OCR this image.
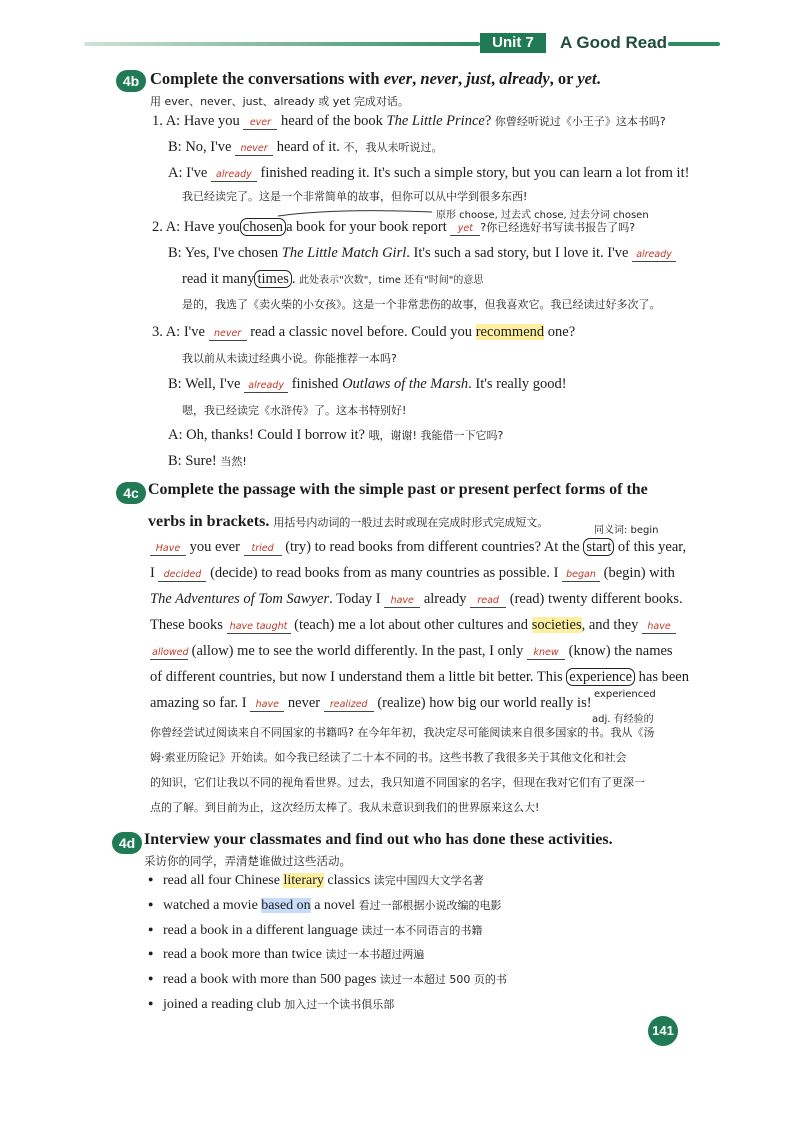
Unit 7	A Good Read
4b Complete the conversations with ever, never, just, already, or yet.
用 ever、never、just、already 或 yet 完成对话。
1. A: Have you ever heard of the book The Little Prince? 你曾经听说过《小王子》这本书吗?
B: No, I've never heard of it. 不，我从未听说过。
A: I've already finished reading it. It's such a simple story, but you can learn a lot from it!
我已经读完了。这是一个非常简单的故事，但你可以从中学到很多东西!
原形 choose, 过去式 chose, 过去分词 chosen
2. A: Have you chosen a book for your book report yet ?你已经选好书写读书报告了吗?
B: Yes, I've chosen The Little Match Girl. It's such a sad story, but I love it. I've already
read it many times . 此处表示"次数"，time 还有"时间"的意思
是的，我选了《卖火柴的小女孩》。这是一个非常悲伤的故事，但我喜欢它。我已经读过好多次了。
3. A: I've never read a classic novel before. Could you recommend one?
我以前从未读过经典小说。你能推荐一本吗?
B: Well, I've already finished Outlaws of the Marsh. It's really good!
嗯，我已经读完《水浒传》了。这本书特别好!
A: Oh, thanks! Could I borrow it? 哦，谢谢! 我能借一下它吗?
B: Sure! 当然!
4c Complete the passage with the simple past or present perfect forms of the
verbs in brackets. 用括号内动词的一般过去时或现在完成时形式完成短文。
同义词: begin
Have you ever tried (try) to read books from different countries? At the start of this year,
I decided (decide) to read books from as many countries as possible. I began (begin) with
The Adventures of Tom Sawyer. Today I have already read (read) twenty different books.
These books have taught (teach) me a lot about other cultures and societies, and they have
allowed (allow) me to see the world differently. In the past, I only knew (know) the names
of different countries, but now I understand them a little bit better. This experience has been
experienced
amazing so far. I have never realized (realize) how big our world really is!
adj. 有经验的
你曾经尝试过阅读来自不同国家的书籍吗? 在今年年初，我决定尽可能阅读来自很多国家的书。我从《汤
姆·索亚历险记》开始读。如今我已经读了二十本不同的书。这些书教了我很多关于其他文化和社会
的知识，它们让我以不同的视角看世界。过去，我只知道不同国家的名字，但现在我对它们有了更深一
点的了解。到目前为止，这次经历太棒了。我从未意识到我们的世界原来这么大!
4d Interview your classmates and find out who has done these activities.
采访你的同学，弄清楚谁做过这些活动。
● read all four Chinese literary classics 读完中国四大文学名著
● watched a movie based on a novel 看过一部根据小说改编的电影
● read a book in a different language 读过一本不同语言的书籍
● read a book more than twice 读过一本书超过两遍
● read a book with more than 500 pages 读过一本超过 500 页的书
● joined a reading club 加入过一个读书俱乐部
141
